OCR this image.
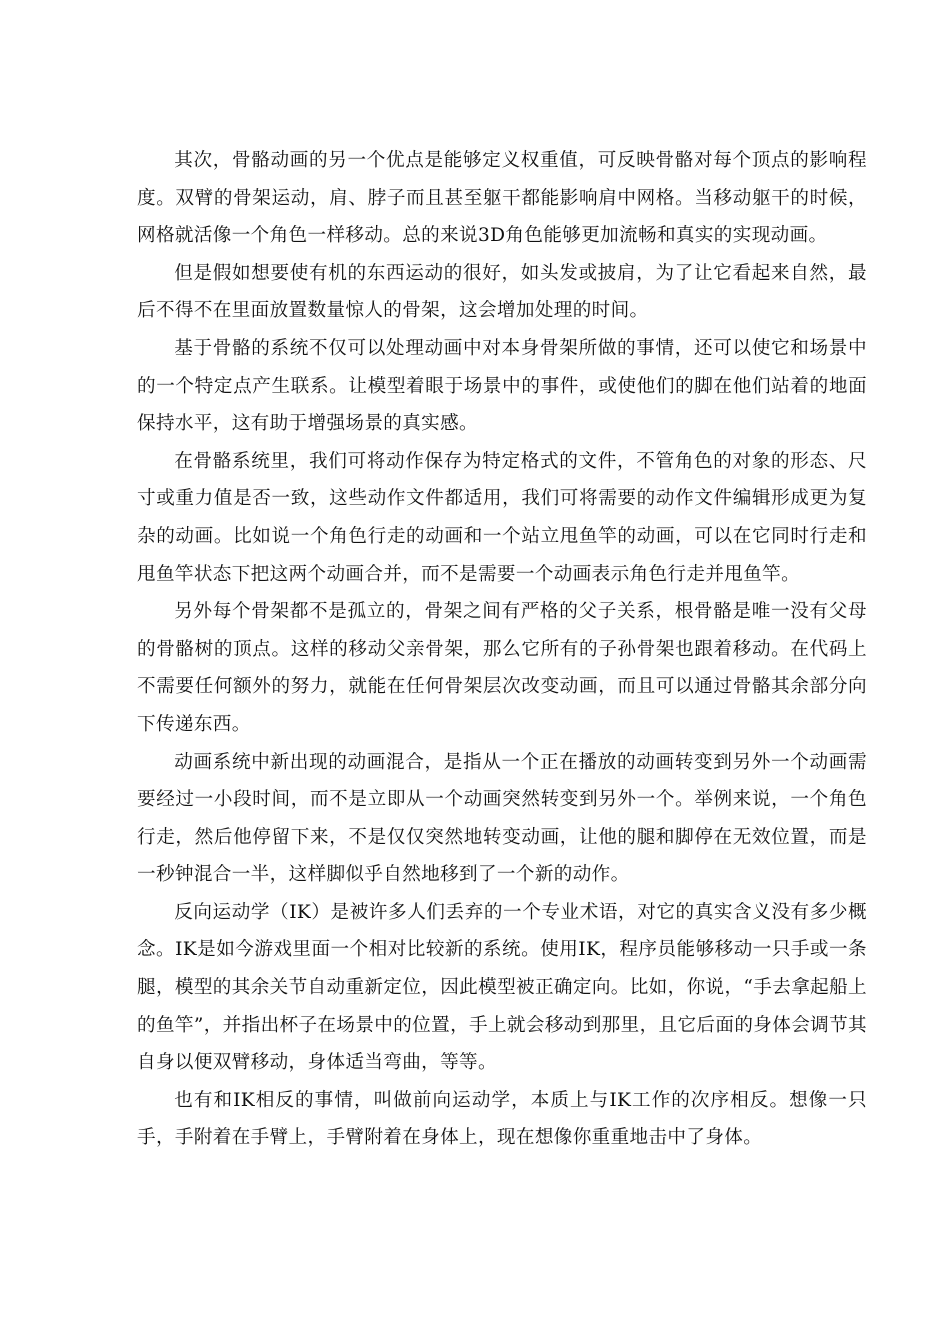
其次，骨骼动画的另一个优点是能够定义权重值，可反映骨骼对每个顶点的影响程度。双臂的骨架运动，肩、脖子而且甚至躯干都能影响肩中网格。当移动躯干的时候，网格就活像一个角色一样移动。总的来说3D角色能够更加流畅和真实的实现动画。

但是假如想要使有机的东西运动的很好，如头发或披肩，为了让它看起来自然，最后不得不在里面放置数量惊人的骨架，这会增加处理的时间。

基于骨骼的系统不仅可以处理动画中对本身骨架所做的事情，还可以使它和场景中的一个特定点产生联系。让模型着眼于场景中的事件，或使他们的脚在他们站着的地面保持水平，这有助于增强场景的真实感。

在骨骼系统里，我们可将动作保存为特定格式的文件，不管角色的对象的形态、尺寸或重力值是否一致，这些动作文件都适用，我们可将需要的动作文件编辑形成更为复杂的动画。比如说一个角色行走的动画和一个站立甩鱼竿的动画，可以在它同时行走和甩鱼竿状态下把这两个动画合并，而不是需要一个动画表示角色行走并甩鱼竿。

另外每个骨架都不是孤立的，骨架之间有严格的父子关系，根骨骼是唯一没有父母的骨骼树的顶点。这样的移动父亲骨架，那么它所有的子孙骨架也跟着移动。在代码上不需要任何额外的努力，就能在任何骨架层次改变动画，而且可以通过骨骼其余部分向下传递东西。

动画系统中新出现的动画混合，是指从一个正在播放的动画转变到另外一个动画需要经过一小段时间，而不是立即从一个动画突然转变到另外一个。举例来说，一个角色行走，然后他停留下来，不是仅仅突然地转变动画，让他的腿和脚停在无效位置，而是一秒钟混合一半，这样脚似乎自然地移到了一个新的动作。

反向运动学（IK）是被许多人们丢弃的一个专业术语，对它的真实含义没有多少概念。IK是如今游戏里面一个相对比较新的系统。使用IK，程序员能够移动一只手或一条腿，模型的其余关节自动重新定位，因此模型被正确定向。比如，你说，“手去拿起船上的鱼竿”，并指出杯子在场景中的位置，手上就会移动到那里，且它后面的身体会调节其自身以便双臂移动，身体适当弯曲，等等。

也有和IK相反的事情，叫做前向运动学，本质上与IK工作的次序相反。想像一只手，手附着在手臂上，手臂附着在身体上，现在想像你重重地击中了身体。
